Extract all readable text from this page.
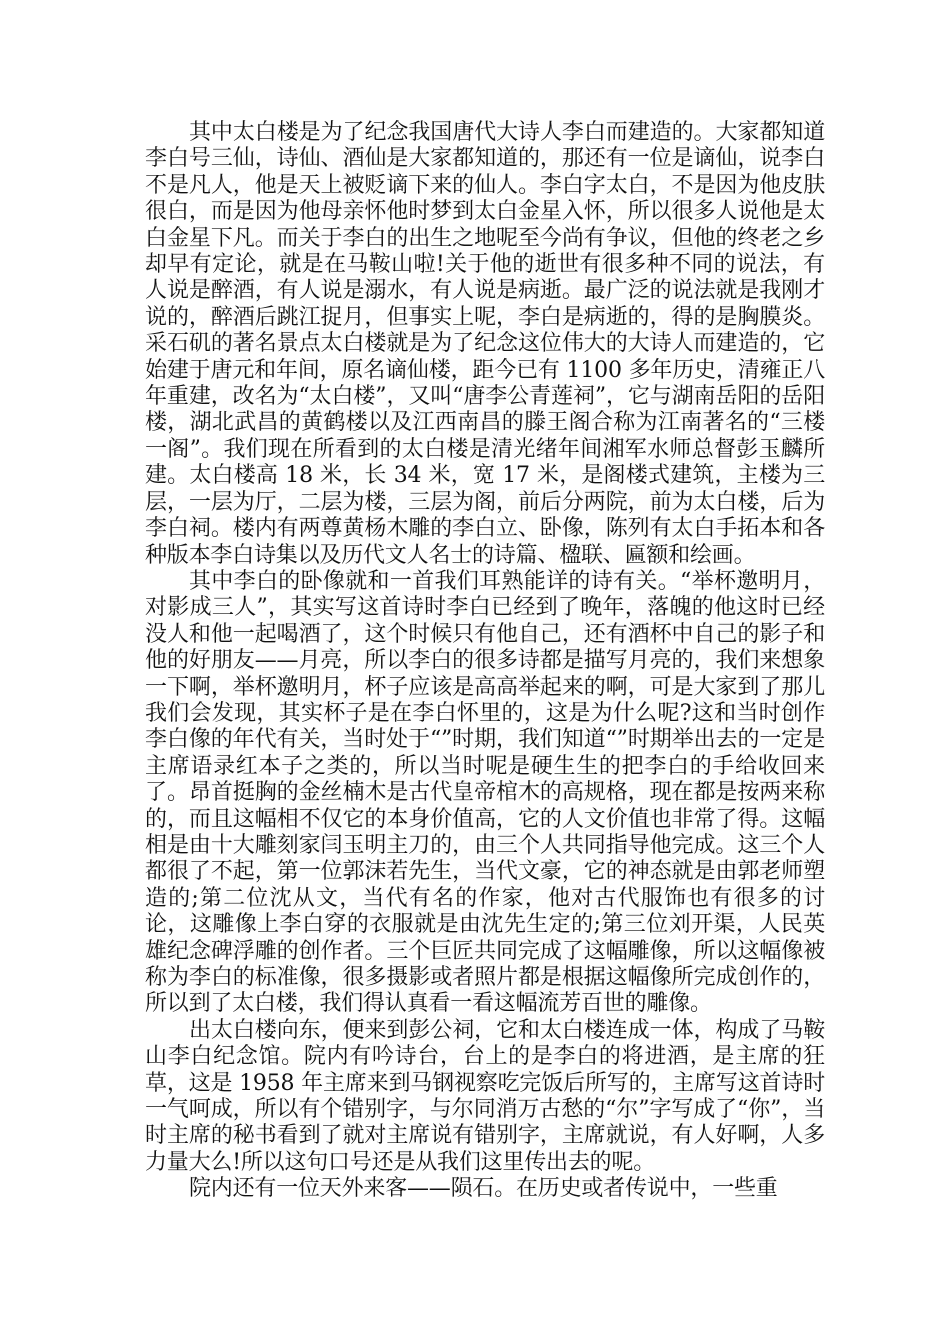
其中太白楼是为了纪念我国唐代大诗人李白而建造的。大家都知道李白号三仙，诗仙、酒仙是大家都知道的，那还有一位是谪仙，说李白不是凡人，他是天上被贬谪下来的仙人。李白字太白，不是因为他皮肤很白，而是因为他母亲怀他时梦到太白金星入怀，所以很多人说他是太白金星下凡。而关于李白的出生之地呢至今尚有争议，但他的终老之乡却早有定论，就是在马鞍山啦!关于他的逝世有很多种不同的说法，有人说是醉酒，有人说是溺水，有人说是病逝。最广泛的说法就是我刚才说的，醉酒后跳江捉月，但事实上呢，李白是病逝的，得的是胸膜炎。采石矶的著名景点太白楼就是为了纪念这位伟大的大诗人而建造的，它始建于唐元和年间，原名谪仙楼，距今已有 1100 多年历史，清雍正八年重建，改名为“太白楼”，又叫“唐李公青莲祠”，它与湖南岳阳的岳阳楼，湖北武昌的黄鹤楼以及江西南昌的滕王阁合称为江南著名的“三楼一阁”。我们现在所看到的太白楼是清光绪年间湘军水师总督彭玉麟所建。太白楼高 18 米，长 34 米，宽 17 米，是阁楼式建筑，主楼为三层，一层为厅，二层为楼，三层为阁，前后分两院，前为太白楼，后为李白祠。楼内有两尊黄杨木雕的李白立、卧像，陈列有太白手拓本和各种版本李白诗集以及历代文人名士的诗篇、楹联、匾额和绘画。

其中李白的卧像就和一首我们耳熟能详的诗有关。“举杯邀明月，对影成三人”，其实写这首诗时李白已经到了晚年，落魄的他这时已经没人和他一起喝酒了，这个时候只有他自己，还有酒杯中自己的影子和他的好朋友——月亮，所以李白的很多诗都是描写月亮的，我们来想象一下啊，举杯邀明月，杯子应该是高高举起来的啊，可是大家到了那儿我们会发现，其实杯子是在李白怀里的，这是为什么呢?这和当时创作李白像的年代有关，当时处于“”时期，我们知道“”时期举出去的一定是主席语录红本子之类的，所以当时呢是硬生生的把李白的手给收回来了。昂首挺胸的金丝楠木是古代皇帝棺木的高规格，现在都是按两来称的，而且这幅相不仅它的本身价值高，它的人文价值也非常了得。这幅相是由十大雕刻家闫玉明主刀的，由三个人共同指导他完成。这三个人都很了不起，第一位郭沫若先生，当代文豪，它的神态就是由郭老师塑造的;第二位沈从文，当代有名的作家，他对古代服饰也有很多的讨论，这雕像上李白穿的衣服就是由沈先生定的;第三位刘开渠，人民英雄纪念碑浮雕的创作者。三个巨匠共同完成了这幅雕像，所以这幅像被称为李白的标准像，很多摄影或者照片都是根据这幅像所完成创作的，所以到了太白楼，我们得认真看一看这幅流芳百世的雕像。

出太白楼向东，便来到彭公祠，它和太白楼连成一体，构成了马鞍山李白纪念馆。院内有吟诗台，台上的是李白的将进酒，是主席的狂草，这是 1958 年主席来到马钢视察吃完饭后所写的，主席写这首诗时一气呵成，所以有个错别字，与尔同消万古愁的“尔”字写成了“你”，当时主席的秘书看到了就对主席说有错别字，主席就说，有人好啊，人多力量大么!所以这句口号还是从我们这里传出去的呢。

院内还有一位天外来客——陨石。在历史或者传说中，一些重
